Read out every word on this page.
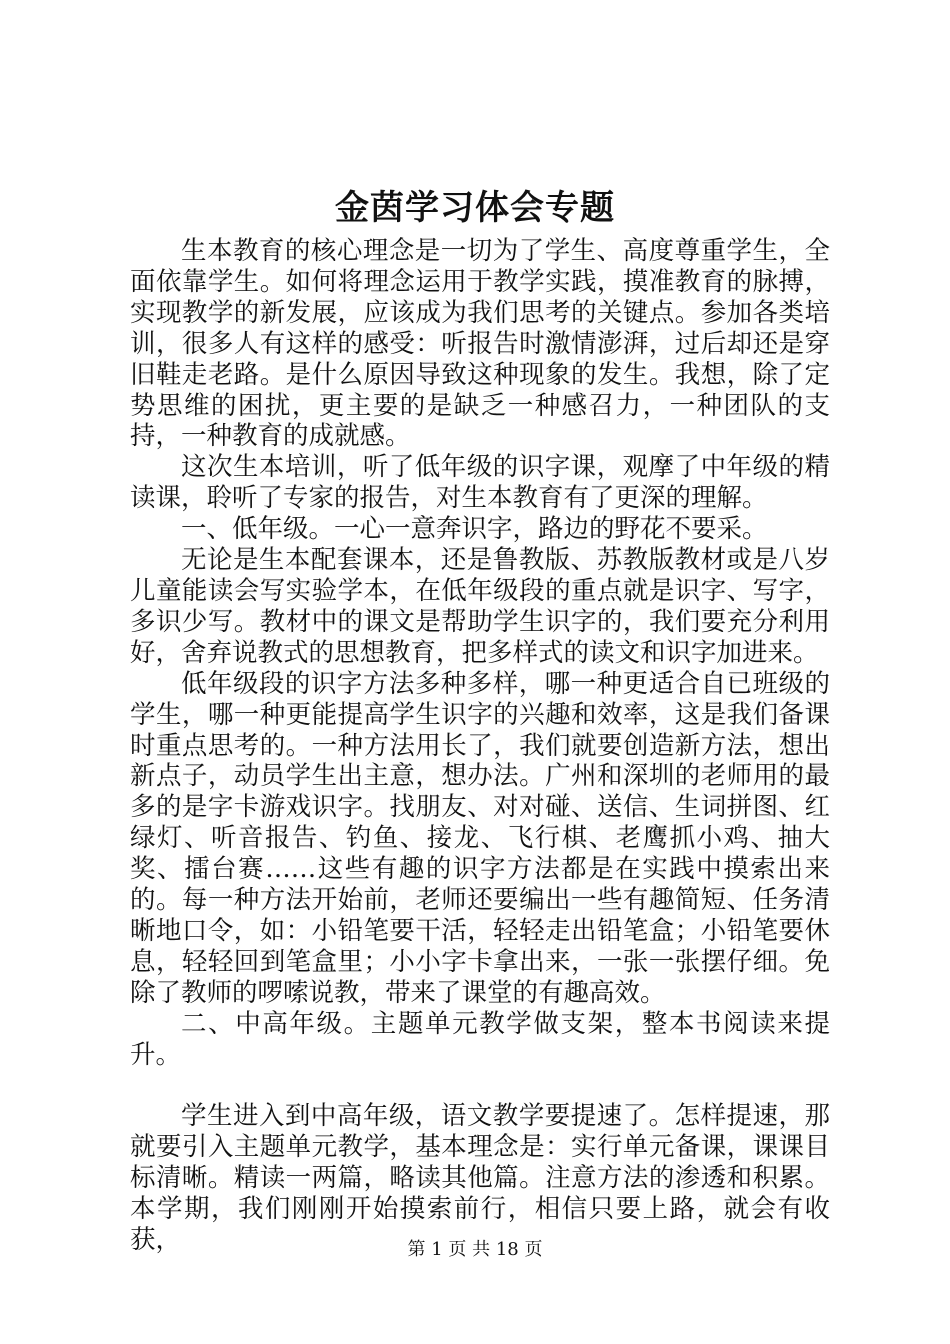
金茵学习体会专题

生本教育的核心理念是一切为了学生、高度尊重学生，全面依靠学生。如何将理念运用于教学实践，摸准教育的脉搏，实现教学的新发展，应该成为我们思考的关键点。参加各类培训，很多人有这样的感受：听报告时激情澎湃，过后却还是穿旧鞋走老路。是什么原因导致这种现象的发生。我想，除了定势思维的困扰，更主要的是缺乏一种感召力，一种团队的支持，一种教育的成就感。

这次生本培训，听了低年级的识字课，观摩了中年级的精读课，聆听了专家的报告，对生本教育有了更深的理解。

一、低年级。一心一意奔识字，路边的野花不要采。

无论是生本配套课本，还是鲁教版、苏教版教材或是八岁儿童能读会写实验学本，在低年级段的重点就是识字、写字，多识少写。教材中的课文是帮助学生识字的，我们要充分利用好，舍弃说教式的思想教育，把多样式的读文和识字加进来。

低年级段的识字方法多种多样，哪一种更适合自已班级的学生，哪一种更能提高学生识字的兴趣和效率，这是我们备课时重点思考的。一种方法用长了，我们就要创造新方法，想出新点子，动员学生出主意，想办法。广州和深圳的老师用的最多的是字卡游戏识字。找朋友、对对碰、送信、生词拼图、红绿灯、听音报告、钓鱼、接龙、飞行棋、老鹰抓小鸡、抽大奖、擂台赛……这些有趣的识字方法都是在实践中摸索出来的。每一种方法开始前，老师还要编出一些有趣简短、任务清晰地口令，如：小铅笔要干活，轻轻走出铅笔盒；小铅笔要休息，轻轻回到笔盒里；小小字卡拿出来，一张一张摆仔细。免除了教师的啰嗦说教，带来了课堂的有趣高效。

二、中高年级。主题单元教学做支架，整本书阅读来提升。

学生进入到中高年级，语文教学要提速了。怎样提速，那就要引入主题单元教学，基本理念是：实行单元备课，课课目标清晰。精读一两篇，略读其他篇。注意方法的渗透和积累。本学期，我们刚刚开始摸索前行，相信只要上路，就会有收获，	第 1 页 共 18 页
